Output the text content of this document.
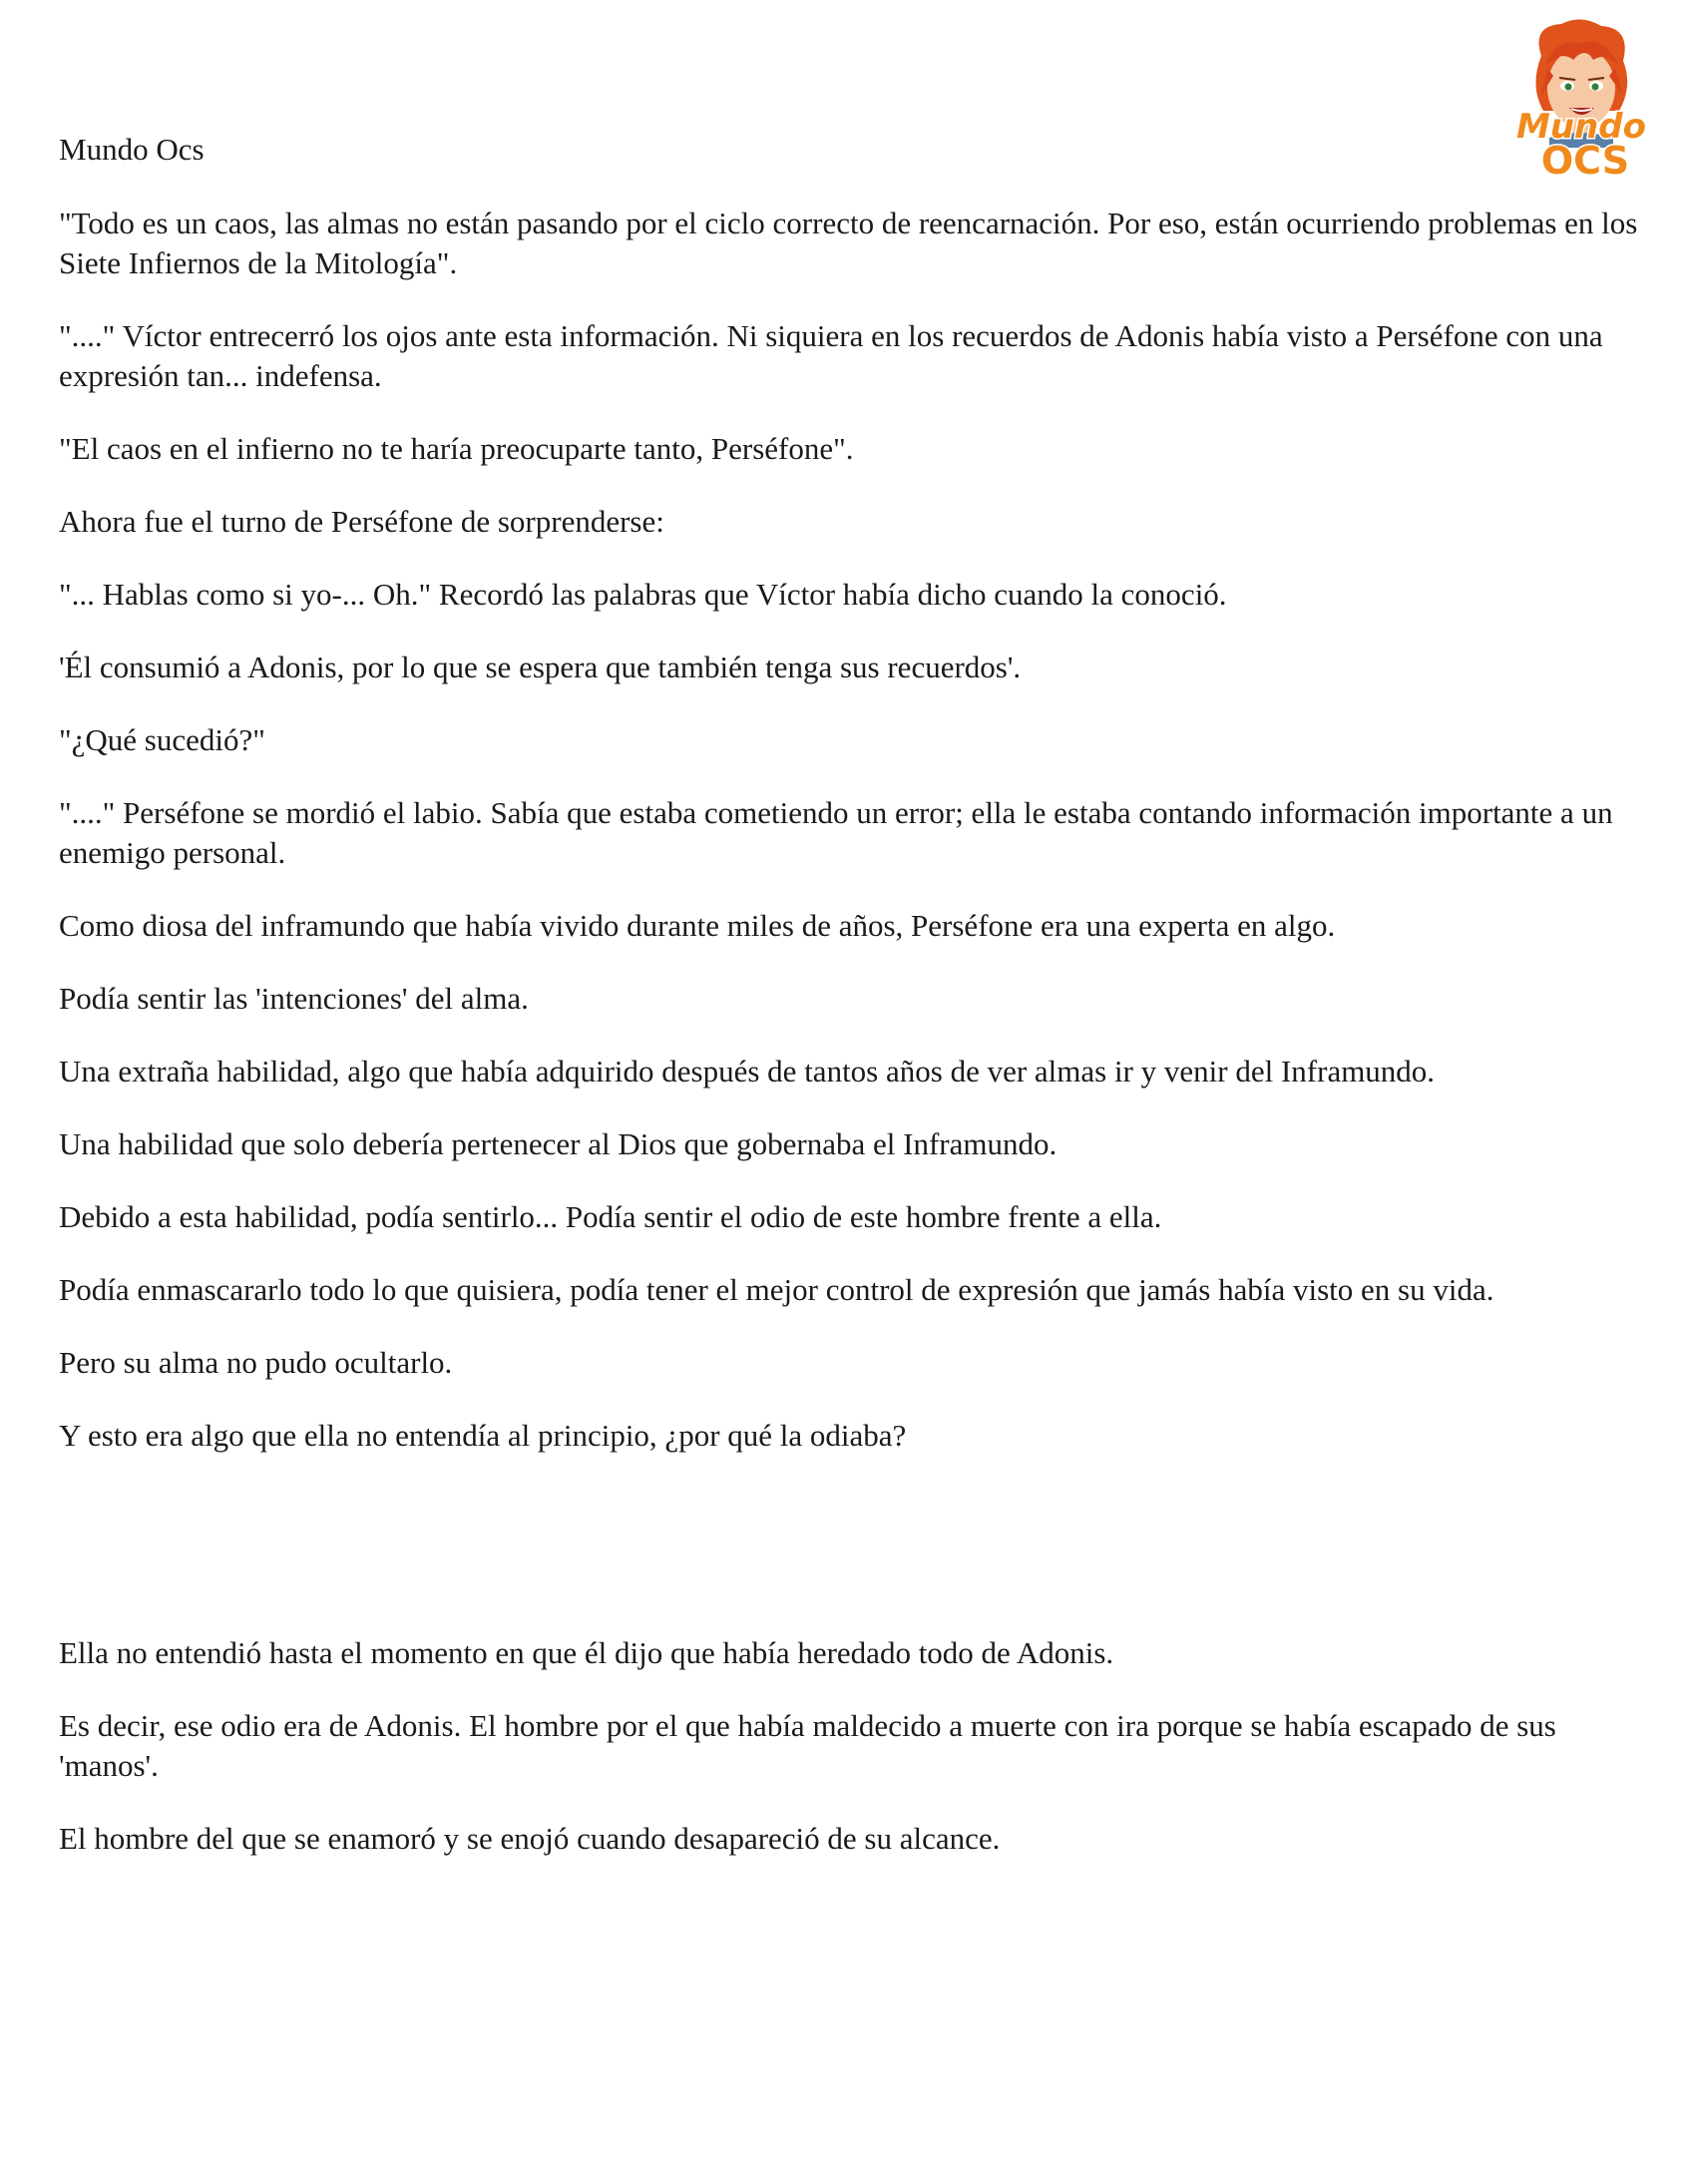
Mundo
OCS

Mundo Ocs

"Todo es un caos, las almas no están pasando por el ciclo correcto de reencarnación. Por eso, están ocurriendo problemas en los Siete Infiernos de la Mitología".

"...." Víctor entrecerró los ojos ante esta información. Ni siquiera en los recuerdos de Adonis había visto a Perséfone con una expresión tan... indefensa.

"El caos en el infierno no te haría preocuparte tanto, Perséfone".

Ahora fue el turno de Perséfone de sorprenderse:

"... Hablas como si yo-... Oh." Recordó las palabras que Víctor había dicho cuando la conoció.

'Él consumió a Adonis, por lo que se espera que también tenga sus recuerdos'.

"¿Qué sucedió?"

"...." Perséfone se mordió el labio. Sabía que estaba cometiendo un error; ella le estaba contando información importante a un enemigo personal.

Como diosa del inframundo que había vivido durante miles de años, Perséfone era una experta en algo.

Podía sentir las 'intenciones' del alma.

Una extraña habilidad, algo que había adquirido después de tantos años de ver almas ir y venir del Inframundo.

Una habilidad que solo debería pertenecer al Dios que gobernaba el Inframundo.

Debido a esta habilidad, podía sentirlo... Podía sentir el odio de este hombre frente a ella.

Podía enmascararlo todo lo que quisiera, podía tener el mejor control de expresión que jamás había visto en su vida.

Pero su alma no pudo ocultarlo.

Y esto era algo que ella no entendía al principio, ¿por qué la odiaba?

Ella no entendió hasta el momento en que él dijo que había heredado todo de Adonis.

Es decir, ese odio era de Adonis. El hombre por el que había maldecido a muerte con ira porque se había escapado de sus 'manos'.

El hombre del que se enamoró y se enojó cuando desapareció de su alcance.
